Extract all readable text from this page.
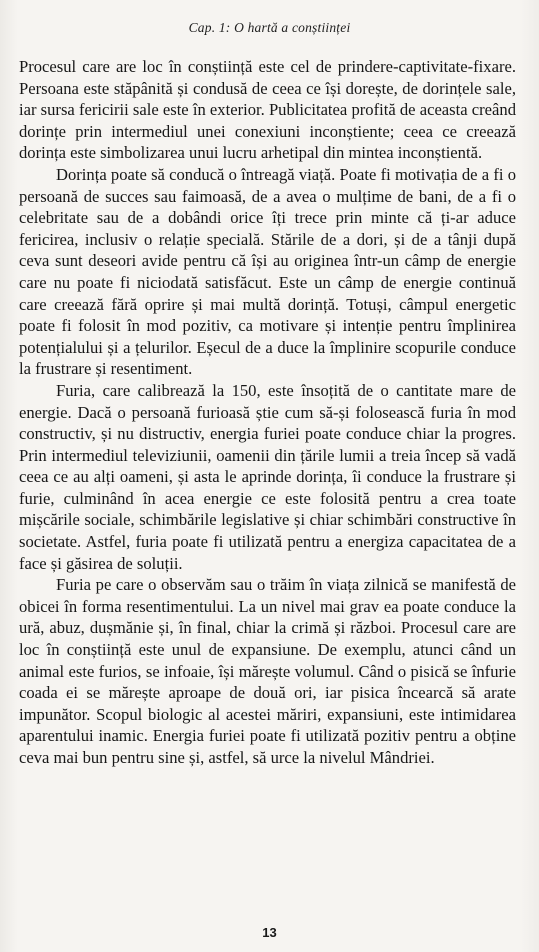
Cap. 1: O hartă a conștiinței

Procesul care are loc în conștiință este cel de prindere-captivitate-fixare. Persoana este stăpânită și condusă de ceea ce își dorește, de dorințele sale, iar sursa fericirii sale este în exterior. Publicitatea profită de aceasta creând dorințe prin intermediul unei conexiuni inconștiente; ceea ce creează dorința este simbolizarea unui lucru arhetipal din mintea inconștientă.

Dorința poate să conducă o întreagă viață. Poate fi motivația de a fi o persoană de succes sau faimoasă, de a avea o mulțime de bani, de a fi o celebritate sau de a dobândi orice îți trece prin minte că ți-ar aduce fericirea, inclusiv o relație specială. Stările de a dori, și de a tânji după ceva sunt deseori avide pentru că își au originea într-un câmp de energie care nu poate fi niciodată satisfăcut. Este un câmp de energie continuă care creează fără oprire și mai multă dorință. Totuși, câmpul energetic poate fi folosit în mod pozitiv, ca motivare și intenție pentru împlinirea potențialului și a țelurilor. Eșecul de a duce la împlinire scopurile conduce la frustrare și resentiment.

Furia, care calibrează la 150, este însoțită de o cantitate mare de energie. Dacă o persoană furioasă știe cum să-și folosească furia în mod constructiv, și nu distructiv, energia furiei poate conduce chiar la progres. Prin intermediul televiziunii, oamenii din țările lumii a treia încep să vadă ceea ce au alți oameni, și asta le aprinde dorința, îi conduce la frustrare și furie, culminând în acea energie ce este folosită pentru a crea toate mișcările sociale, schimbările legislative și chiar schimbări constructive în societate. Astfel, furia poate fi utilizată pentru a energiza capacitatea de a face și găsirea de soluții.

Furia pe care o observăm sau o trăim în viața zilnică se manifestă de obicei în forma resentimentului. La un nivel mai grav ea poate conduce la ură, abuz, dușmănie și, în final, chiar la crimă și război. Procesul care are loc în conștiință este unul de expansiune. De exemplu, atunci când un animal este furios, se infoaie, își mărește volumul. Când o pisică se înfurie coada ei se mărește aproape de două ori, iar pisica încearcă să arate impunător. Scopul biologic al acestei măriri, expansiuni, este intimidarea aparentului inamic. Energia furiei poate fi utilizată pozitiv pentru a obține ceva mai bun pentru sine și, astfel, să urce la nivelul Mândriei.

13
